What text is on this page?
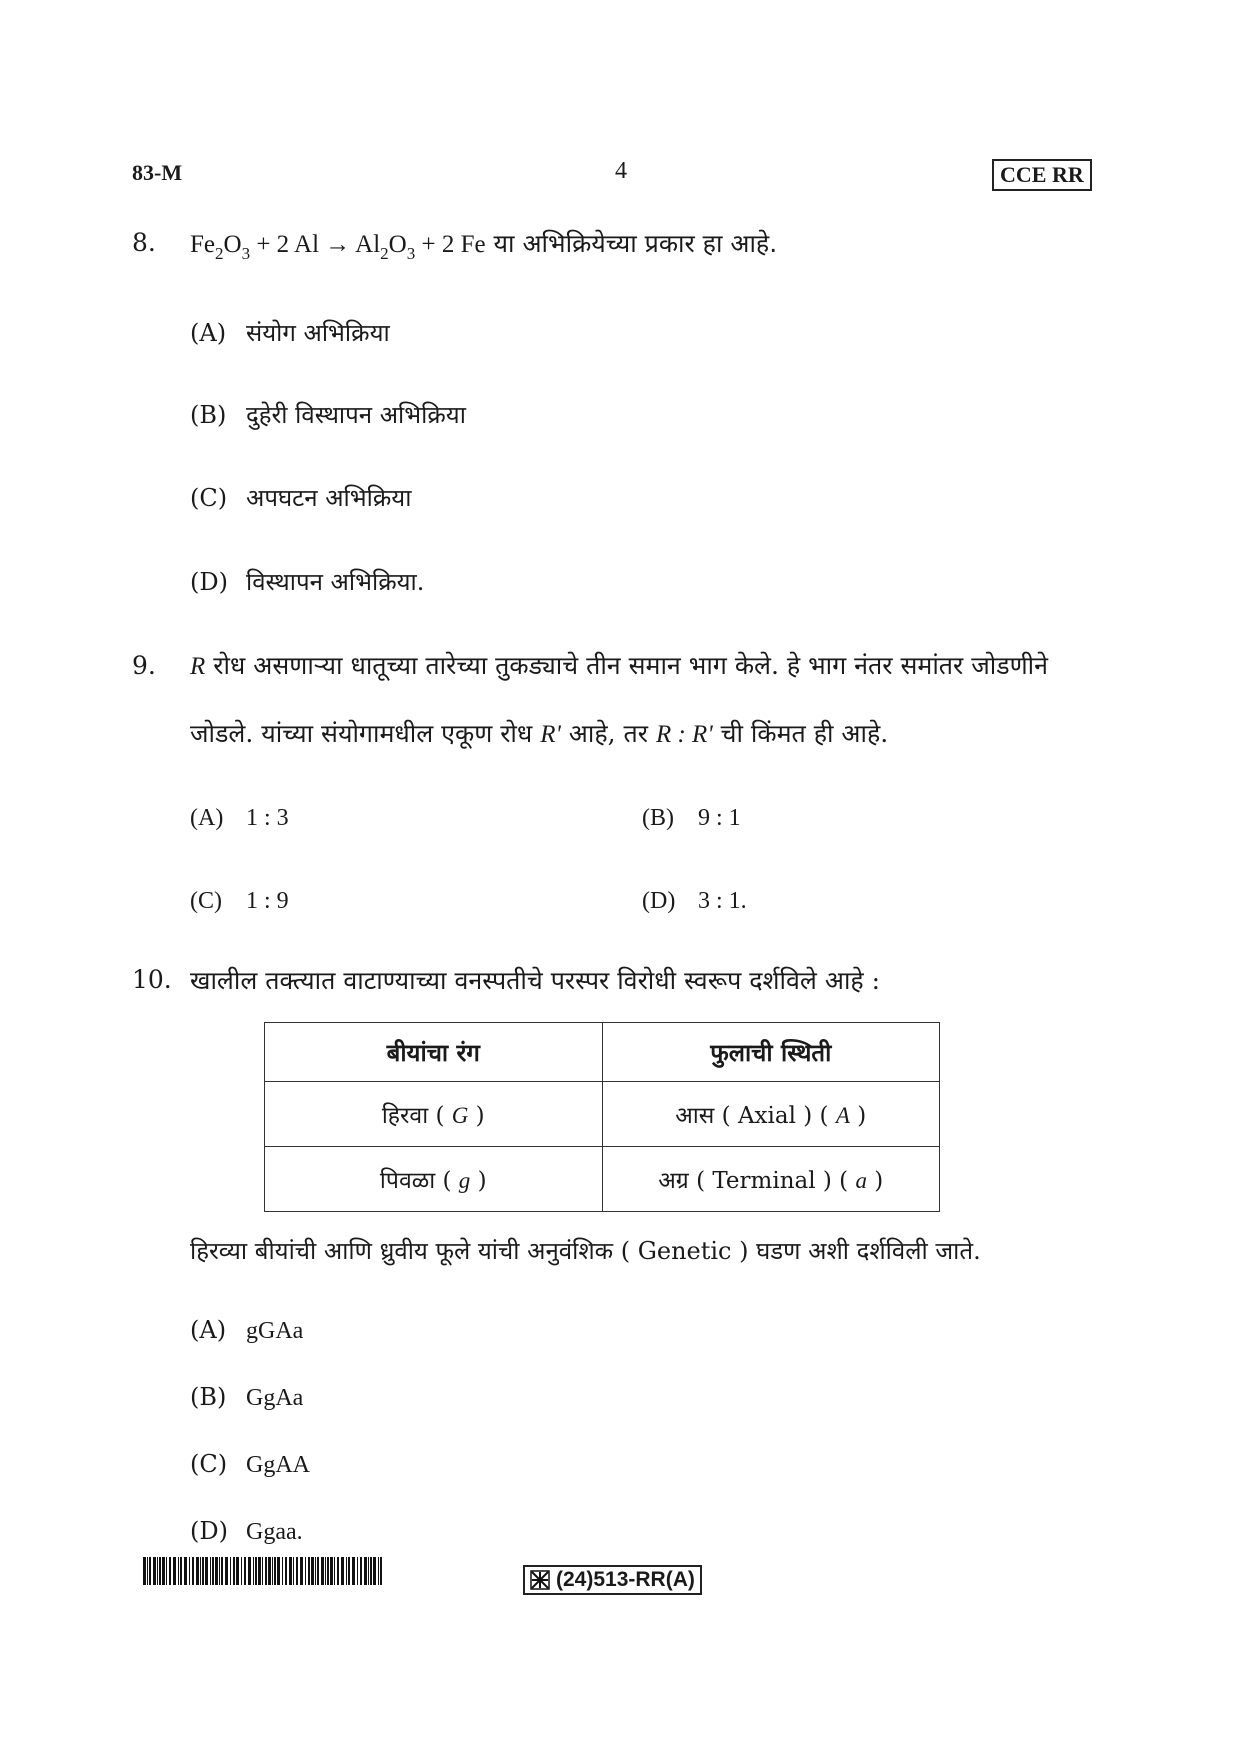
83-M	4	CCE RR
8. $Fe_2O_3 + 2$ $Al \to Al_2O_3 + 2$ Fe या अभिक्रियेच्या प्रकार हा आहे.
(A) संयोग अभिक्रिया
(B) दुहेरी विस्थापन अभिक्रिया
(C) अपघटन अभिक्रिया
(D) विस्थापन अभिक्रिया.
9. R रोध असणाऱ्या धातूच्या तारेच्या तुकड्याचे तीन समान भाग केले. हे भाग नंतर समांतर जोडणीने
जोडले. यांच्या संयोगामधील एकूण रोध R' आहे, तर R : R' ची किंमत ही आहे.
(A) 1 : 3	(B) 9 : 1
(C) 1 : 9	(D) 3 : 1.
10. खालील तक्त्यात वाटाण्याच्या वनस्पतीचे परस्पर विरोधी स्वरूप दर्शविले आहे :
बीयांचा रंग	फुलाची स्थिती
हिरवा ( G )	आस ( Axial ) ( A )
पिवळा ( g )	अग्र ( Terminal ) ( a )
हिरव्या बीयांची आणि ध्रुवीय फूले यांची अनुवंशिक ( Genetic ) घडण अशी दर्शविली जाते.
(A) gGAa
(B) GgAa
(C) GgAA
(D) Ggaa.
(24)513-RR(A)
